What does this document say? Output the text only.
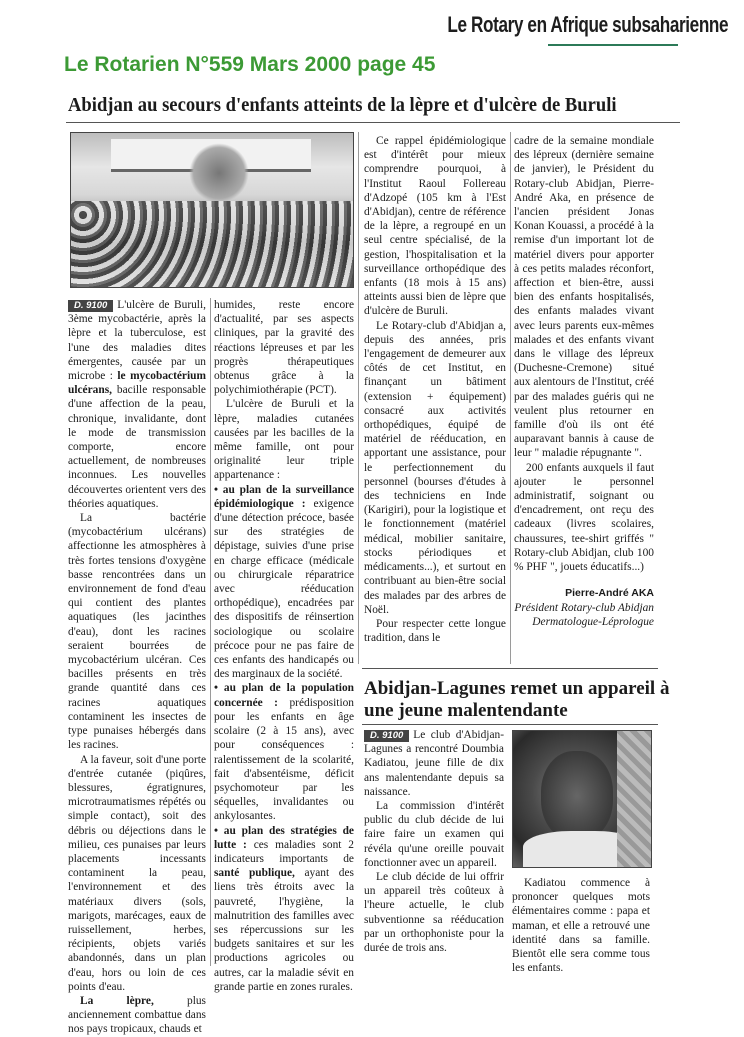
Le Rotary en Afrique subsaharienne
Le Rotarien N°559 Mars 2000 page 45
Abidjan au secours d'enfants atteints de la lèpre et d'ulcère de Buruli

D. 9100 L'ulcère de Buruli, 3ème mycobactérie, après la lèpre et la tuberculose, est l'une des maladies dites émergentes, causée par un microbe : le mycobactérium ulcérans, bacille responsable d'une affection de la peau, chronique, invalidante, dont le mode de transmission comporte, encore actuellement, de nombreuses inconnues. Les nouvelles découvertes orientent vers des théories aquatiques.

La bactérie (mycobactérium ulcérans) affectionne les atmosphères à très fortes tensions d'oxygène basse rencontrées dans un environnement de fond d'eau qui contient des plantes aquatiques (les jacinthes d'eau), dont les racines seraient bourrées de mycobactérium ulcéran. Ces bacilles présents en très grande quantité dans ces racines aquatiques contaminent les insectes de type punaises hébergés dans les racines.

A la faveur, soit d'une porte d'entrée cutanée (piqûres, blessures, égratignures, microtraumatismes répétés ou simple contact), soit des débris ou déjections dans le milieu, ces punaises par leurs placements incessants contaminent la peau, l'environnement et des matériaux divers (sols, marigots, marécages, eaux de ruissellement, herbes, récipients, objets variés abandonnés, dans un plan d'eau, hors ou loin de ces points d'eau.

La lèpre,	plus anciennement combattue dans nos pays tropicaux, chauds et

humides, reste encore d'actualité, par ses aspects cliniques, par la gravité des réactions lépreuses et par les progrès thérapeutiques obtenus grâce à la polychimiothérapie (PCT).

L'ulcère de Buruli et la lèpre, maladies cutanées causées par les bacilles de la même famille, ont pour originalité leur triple appartenance :

• au plan de la surveillance épidémiologique : exigence d'une détection précoce, basée sur des stratégies de dépistage, suivies d'une prise en charge efficace (médicale ou chirurgicale réparatrice avec rééducation orthopédique), encadrées par des dispositifs de réinsertion sociologique ou scolaire précoce pour ne pas faire de ces enfants des handicapés ou des marginaux de la société.

• au plan de la population concernée : prédisposition pour les enfants en âge scolaire (2 à 15 ans), avec pour conséquences : ralentissement de la scolarité, fait d'absentéisme, déficit psychomoteur par les séquelles, invalidantes ou ankylosantes.

• au plan des stratégies de lutte : ces maladies sont 2 indicateurs importants de santé publique, ayant des liens très étroits avec la pauvreté, l'hygiène, la malnutrition des familles avec ses répercussions sur les budgets sanitaires et sur les productions agricoles ou autres, car la maladie sévit en grande partie en zones rurales.

Ce rappel épidémiologique est d'intérêt pour mieux comprendre pourquoi, à l'Institut Raoul Follereau d'Adzopé (105 km à l'Est d'Abidjan), centre de référence de la lèpre, a regroupé en un seul centre spécialisé, de la gestion, l'hospitalisation et la surveillance orthopédique des enfants (18 mois à 15 ans) atteints aussi bien de lèpre que d'ulcère de Buruli.

Le Rotary-club d'Abidjan a, depuis des années, pris l'engagement de demeurer aux côtés de cet Institut, en finançant un bâtiment (extension + équipement) consacré aux activités orthopédiques, équipé de matériel de rééducation, en apportant une assistance, pour le perfectionnement du personnel (bourses d'études à des techniciens en Inde (Karigiri), pour la logistique et le fonctionnement (matériel médical, mobilier sanitaire, stocks périodiques et médicaments...), et surtout en contribuant au bien-être social des malades par des arbres de Noël.

Pour respecter cette longue tradition, dans le

cadre de la semaine mondiale des lépreux (dernière semaine de janvier), le Président du Rotary-club Abidjan, Pierre-André Aka, en présence de l'ancien président Jonas Konan Kouassi, a procédé à la remise d'un important lot de matériel divers pour apporter à ces petits malades réconfort, affection et bien-être, aussi bien des enfants hospitalisés, des enfants malades vivant avec leurs parents eux-mêmes malades et des enfants vivant dans le village des lépreux (Duchesne-Cremone) situé aux alentours de l'Institut, créé par des malades guéris qui ne veulent plus retourner en famille d'où ils ont été auparavant bannis à cause de leur " maladie répugnante ".

200 enfants auxquels il faut ajouter le personnel administratif, soignant ou d'encadrement, ont reçu des cadeaux (livres scolaires, chaussures, tee-shirt griffés " Rotary-club Abidjan, club 100 % PHF ", jouets éducatifs...)

Pierre-André AKA

Président Rotary-club Abidjan

Dermatologue-Léprologue

Abidjan-Lagunes remet un appareil à une jeune malentendante

D. 9100 Le club d'Abidjan-Lagunes a rencontré Doumbia Kadiatou, jeune fille de dix ans malentendante depuis sa naissance.

La commission d'intérêt public du club décide de lui faire faire un examen qui révéla qu'une oreille pouvait fonctionner avec un appareil.

Le club décide de lui offrir un appareil très coûteux à l'heure actuelle, le club subventionne sa rééducation par un orthophoniste pour la durée de trois ans.

Kadiatou commence à prononcer quelques mots élémentaires comme : papa et maman, et elle a retrouvé une identité dans sa famille. Bientôt elle sera comme tous les enfants.
